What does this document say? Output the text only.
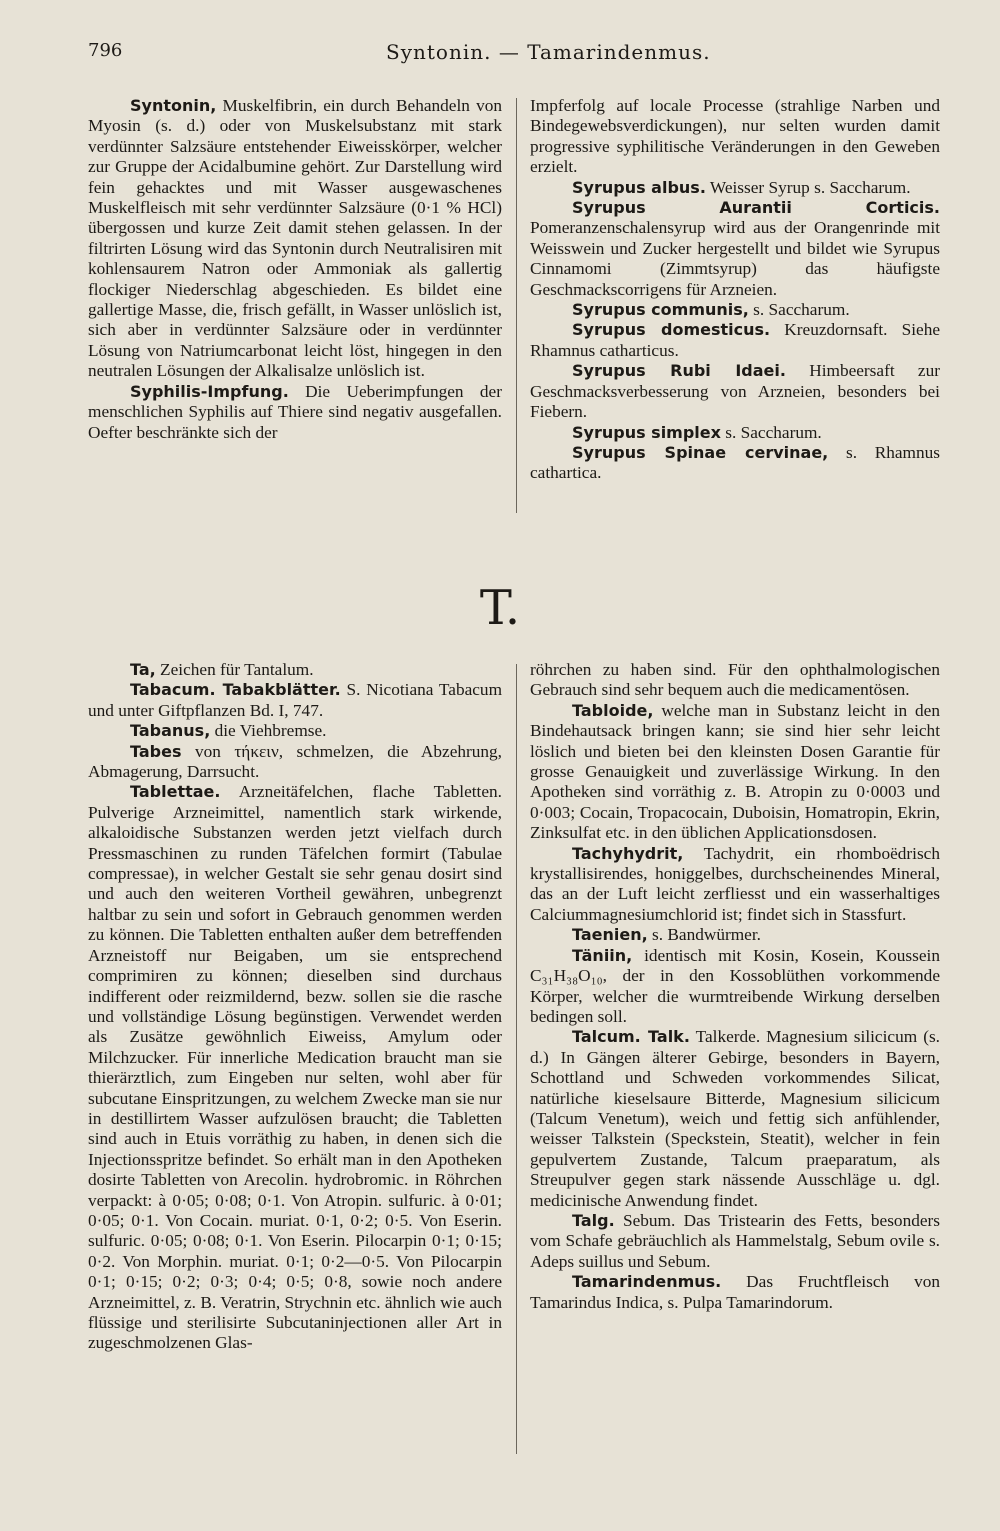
796	Syntonin. — Tamarindenmus.

Syntonin, Muskelfibrin, ein durch Behandeln von Myosin (s. d.) oder von Muskelsubstanz mit stark verdünnter Salzsäure entstehender Eiweisskörper, welcher zur Gruppe der Acidalbumine gehört. Zur Darstellung wird fein gehacktes und mit Wasser ausgewaschenes Muskelfleisch mit sehr verdünnter Salzsäure (0·1 % HCl) übergossen und kurze Zeit damit stehen gelassen. In der filtrirten Lösung wird das Syntonin durch Neutralisiren mit kohlensaurem Natron oder Ammoniak als gallertig flockiger Niederschlag abgeschieden. Es bildet eine gallertige Masse, die, frisch gefällt, in Wasser unlöslich ist, sich aber in verdünnter Salzsäure oder in verdünnter Lösung von Natriumcarbonat leicht löst, hingegen in den neutralen Lösungen der Alkalisalze unlöslich ist.

Syphilis-Impfung. Die Ueberimpfungen der menschlichen Syphilis auf Thiere sind negativ ausgefallen. Oefter beschränkte sich der

Impferfolg auf locale Processe (strahlige Narben und Bindegewebsverdickungen), nur selten wurden damit progressive syphilitische Veränderungen in den Geweben erzielt.

Syrupus albus. Weisser Syrup s. Saccharum.

Syrupus Aurantii Corticis. Pomeranzenschalensyrup wird aus der Orangenrinde mit Weisswein und Zucker hergestellt und bildet wie Syrupus Cinnamomi (Zimmtsyrup) das häufigste Geschmackscorrigens für Arzneien.

Syrupus communis, s. Saccharum.

Syrupus domesticus. Kreuzdornsaft. Siehe Rhamnus catharticus.

Syrupus Rubi Idaei. Himbeersaft zur Geschmacksverbesserung von Arzneien, besonders bei Fiebern.

Syrupus simplex s. Saccharum.

Syrupus Spinae cervinae, s. Rhamnus cathartica.

T.

Ta, Zeichen für Tantalum.

Tabacum. Tabakblätter. S. Nicotiana Tabacum und unter Giftpflanzen Bd. I, 747.

Tabanus, die Viehbremse.

Tabes von τήκειν, schmelzen, die Abzehrung, Abmagerung, Darrsucht.

Tablettae. Arzneitäfelchen, flache Tabletten. Pulverige Arzneimittel, namentlich stark wirkende, alkaloidische Substanzen werden jetzt vielfach durch Pressmaschinen zu runden Täfelchen formirt (Tabulae compressae), in welcher Gestalt sie sehr genau dosirt sind und auch den weiteren Vortheil gewähren, unbegrenzt haltbar zu sein und sofort in Gebrauch genommen werden zu können. Die Tabletten enthalten außer dem betreffenden Arzneistoff nur Beigaben, um sie entsprechend comprimiren zu können; dieselben sind durchaus indifferent oder reizmildernd, bezw. sollen sie die rasche und vollständige Lösung begünstigen. Verwendet werden als Zusätze gewöhnlich Eiweiss, Amylum oder Milchzucker. Für innerliche Medication braucht man sie thierärztlich, zum Eingeben nur selten, wohl aber für subcutane Einspritzungen, zu welchem Zwecke man sie nur in destillirtem Wasser aufzulösen braucht; die Tabletten sind auch in Etuis vorräthig zu haben, in denen sich die Injectionsspritze befindet. So erhält man in den Apotheken dosirte Tabletten von Arecolin. hydrobromic. in Röhrchen verpackt: à 0·05; 0·08; 0·1. Von Atropin. sulfuric. à 0·01; 0·05; 0·1. Von Cocain. muriat. 0·1, 0·2; 0·5. Von Eserin. sulfuric. 0·05; 0·08; 0·1. Von Eserin. Pilocarpin 0·1; 0·15; 0·2. Von Morphin. muriat. 0·1; 0·2—0·5. Von Pilocarpin 0·1; 0·15; 0·2; 0·3; 0·4; 0·5; 0·8, sowie noch andere Arzneimittel, z. B. Veratrin, Strychnin etc. ähnlich wie auch flüssige und sterilisirte Subcutaninjectionen aller Art in zugeschmolzenen Glas-

röhrchen zu haben sind. Für den ophthalmologischen Gebrauch sind sehr bequem auch die medicamentösen.

Tabloide, welche man in Substanz leicht in den Bindehautsack bringen kann; sie sind hier sehr leicht löslich und bieten bei den kleinsten Dosen Garantie für grosse Genauigkeit und zuverlässige Wirkung. In den Apotheken sind vorräthig z. B. Atropin zu 0·0003 und 0·003; Cocain, Tropacocain, Duboisin, Homatropin, Ekrin, Zinksulfat etc. in den üblichen Applicationsdosen.

Tachyhydrit, Tachydrit, ein rhomboëdrisch krystallisirendes, honiggelbes, durchscheinendes Mineral, das an der Luft leicht zerfliesst und ein wasserhaltiges Calciummagnesiumchlorid ist; findet sich in Stassfurt.

Taenien, s. Bandwürmer.

Täniin, identisch mit Kosin, Kosein, Koussein C₃₁H₃₈O₁₀, der in den Kossoblüthen vorkommende Körper, welcher die wurmtreibende Wirkung derselben bedingen soll.

Talcum. Talk. Talkerde. Magnesium silicicum (s. d.) In Gängen älterer Gebirge, besonders in Bayern, Schottland und Schweden vorkommendes Silicat, natürliche kieselsaure Bitterde, Magnesium silicicum (Talcum Venetum), weich und fettig sich anfühlender, weisser Talkstein (Speckstein, Steatit), welcher in fein gepulvertem Zustande, Talcum praeparatum, als Streupulver gegen stark nässende Ausschläge u. dgl. medicinische Anwendung findet.

Talg. Sebum. Das Tristearin des Fetts, besonders vom Schafe gebräuchlich als Hammelstalg, Sebum ovile s. Adeps suillus und Sebum.

Tamarindenmus. Das Fruchtfleisch von Tamarindus Indica, s. Pulpa Tamarindorum.
